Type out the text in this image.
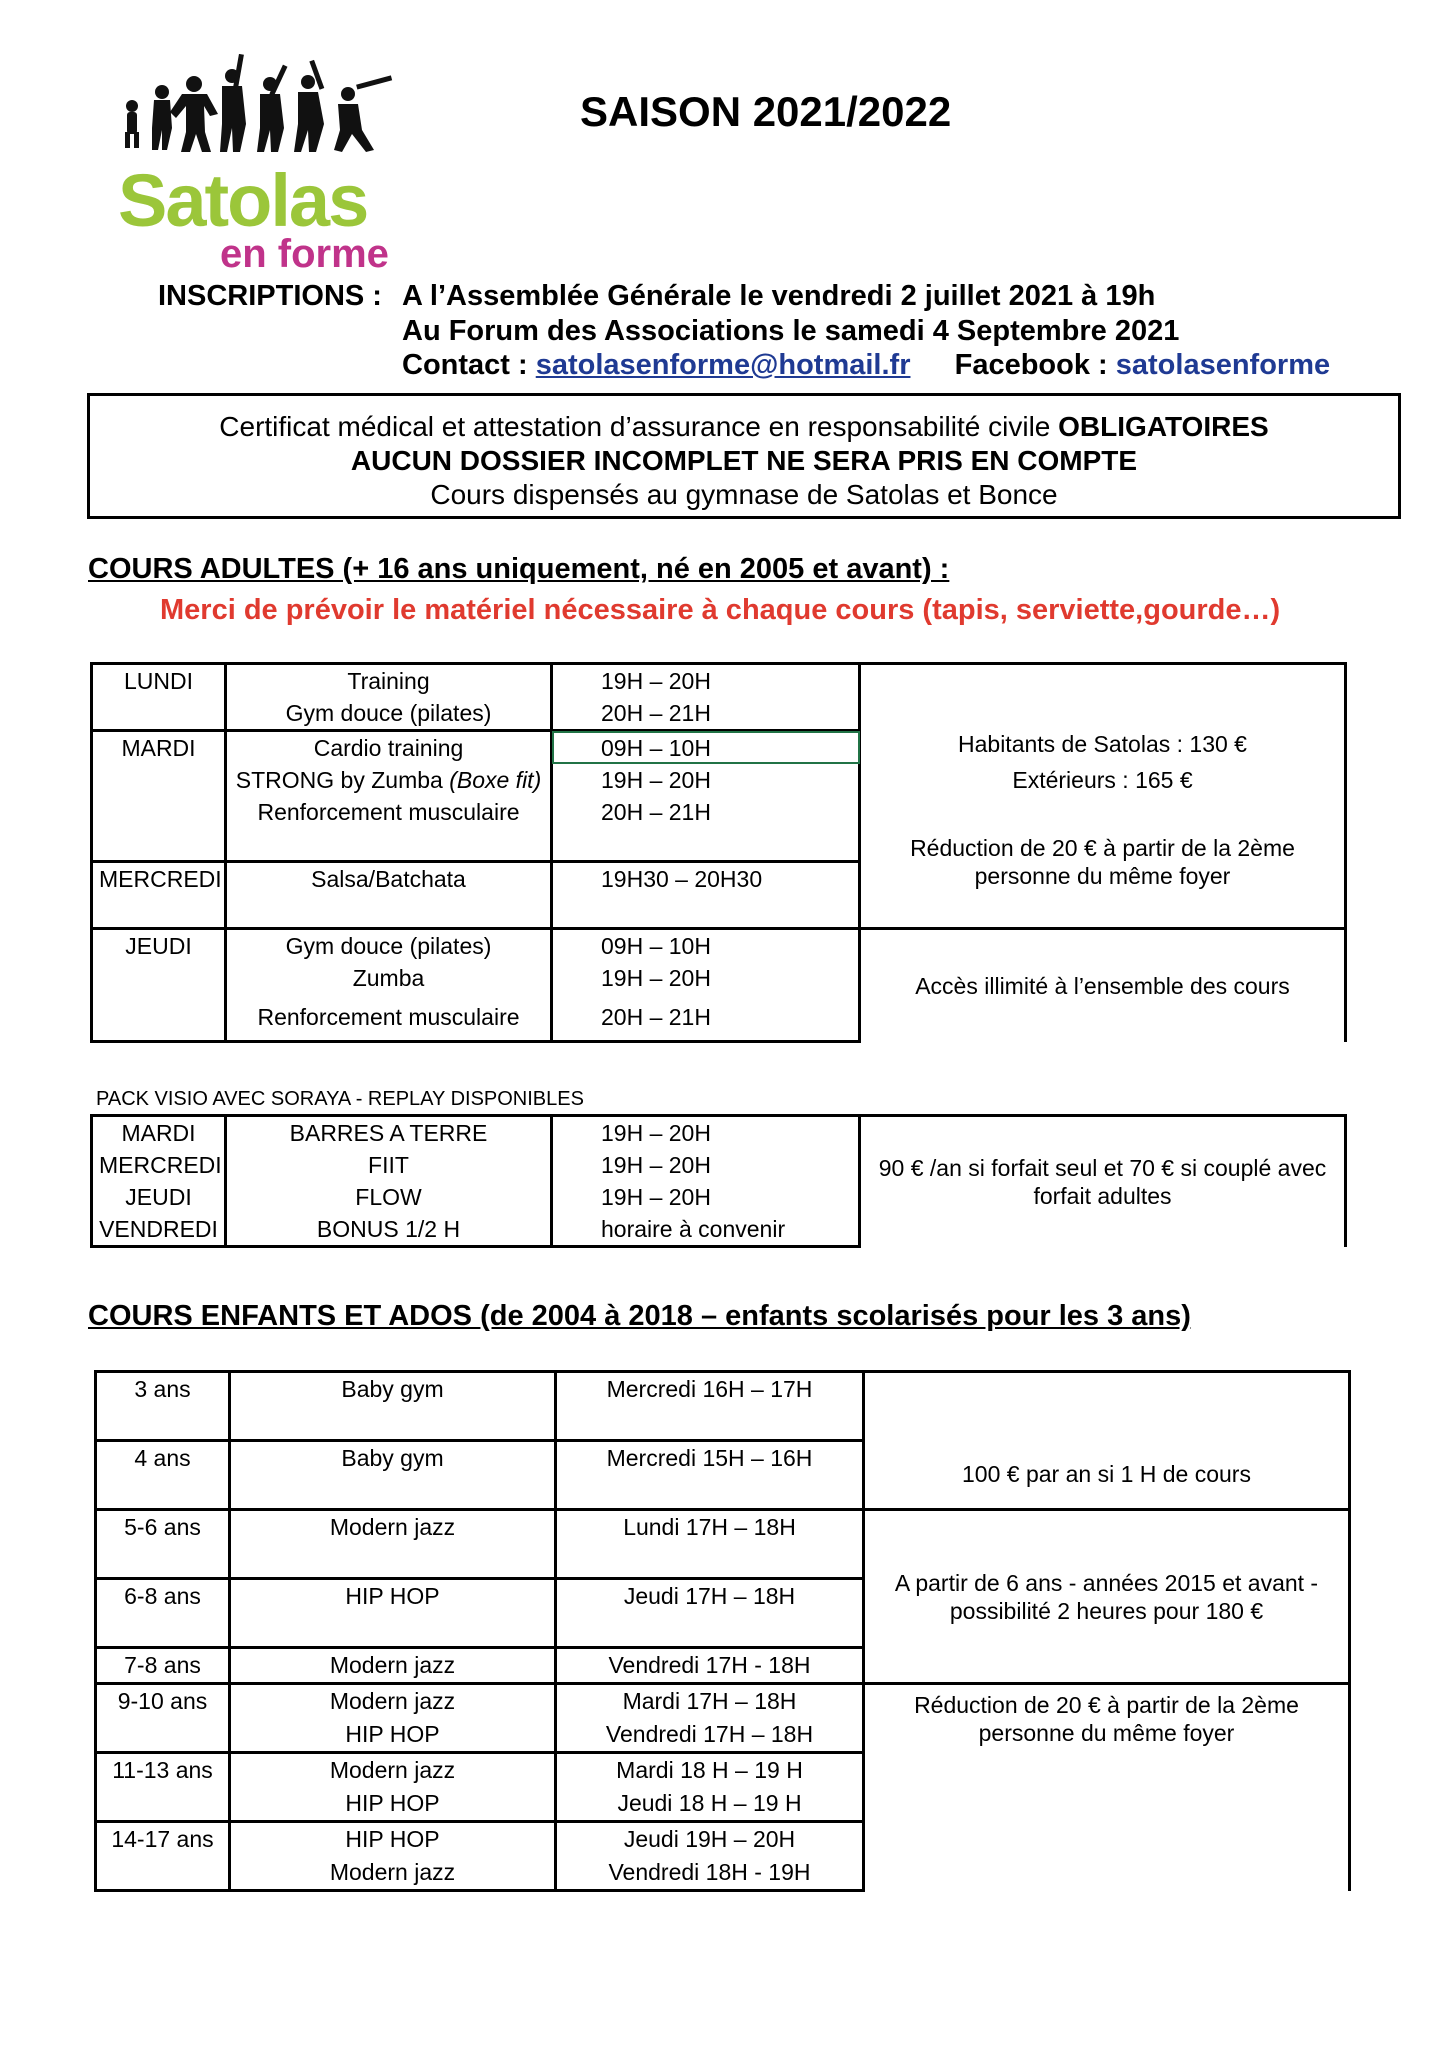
Satolas
en forme
SAISON 2021/2022
INSCRIPTIONS : A l’Assemblée Générale le vendredi 2 juillet 2021 à 19h
Au Forum des Associations le samedi 4 Septembre 2021
Contact : satolasenforme@hotmail.fr Facebook : satolasenforme
Certificat médical et attestation d’assurance en responsabilité civile OBLIGATOIRES
AUCUN DOSSIER INCOMPLET NE SERA PRIS EN COMPTE
Cours dispensés au gymnase de Satolas et Bonce
COURS ADULTES (+ 16 ans uniquement, né en 2005 et avant) :
Merci de prévoir le matériel nécessaire à chaque cours (tapis, serviette,gourde…)
LUNDI	Training	19H – 20H	Habitants de Satolas : 130 €
	Gym douce (pilates)	20H – 21H	
MARDI	Cardio training	09H – 10H	
	STRONG by Zumba (Boxe fit)	19H – 20H	Extérieurs : 165 €
	Renforcement musculaire	20H – 21H	Réduction de 20 € à partir de la 2ème personne du même foyer

MERCREDI	Salsa/Batchata	19H30 – 20H30	

JEUDI	Gym douce (pilates)	09H – 10H	Accès illimité à l’ensemble des cours
	Zumba	19H – 20H	
	Renforcement musculaire	20H – 21H	
PACK VISIO AVEC SORAYA - REPLAY DISPONIBLES
MARDI	BARRES A TERRE	19H – 20H	90 € /an si forfait seul et 70 € si couplé avec forfait adultes
MERCREDI	FIIT	19H – 20H	
JEUDI	FLOW	19H – 20H	
VENDREDI	BONUS 1/2 H	horaire à convenir	
COURS ENFANTS ET ADOS (de 2004 à 2018 – enfants scolarisés pour les 3 ans)
3 ans	Baby gym	Mercredi 16H – 17H	100 € par an si 1 H de cours

4 ans	Baby gym	Mercredi 15H – 16H	

5-6 ans	Modern jazz	Lundi 17H – 18H	A partir de 6 ans - années 2015 et avant - possibilité 2 heures pour 180 €

6-8 ans	HIP HOP	Jeudi 17H – 18H	

7-8 ans	Modern jazz	Vendredi 17H - 18H	
9-10 ans	Modern jazz	Mardi 17H – 18H	Réduction de 20 € à partir de la 2ème personne du même foyer
	HIP HOP	Vendredi 17H – 18H	
11-13 ans	Modern jazz	Mardi 18 H – 19 H	
	HIP HOP	Jeudi 18 H – 19 H	
14-17 ans	HIP HOP	Jeudi 19H – 20H	
	Modern jazz	Vendredi 18H - 19H	
